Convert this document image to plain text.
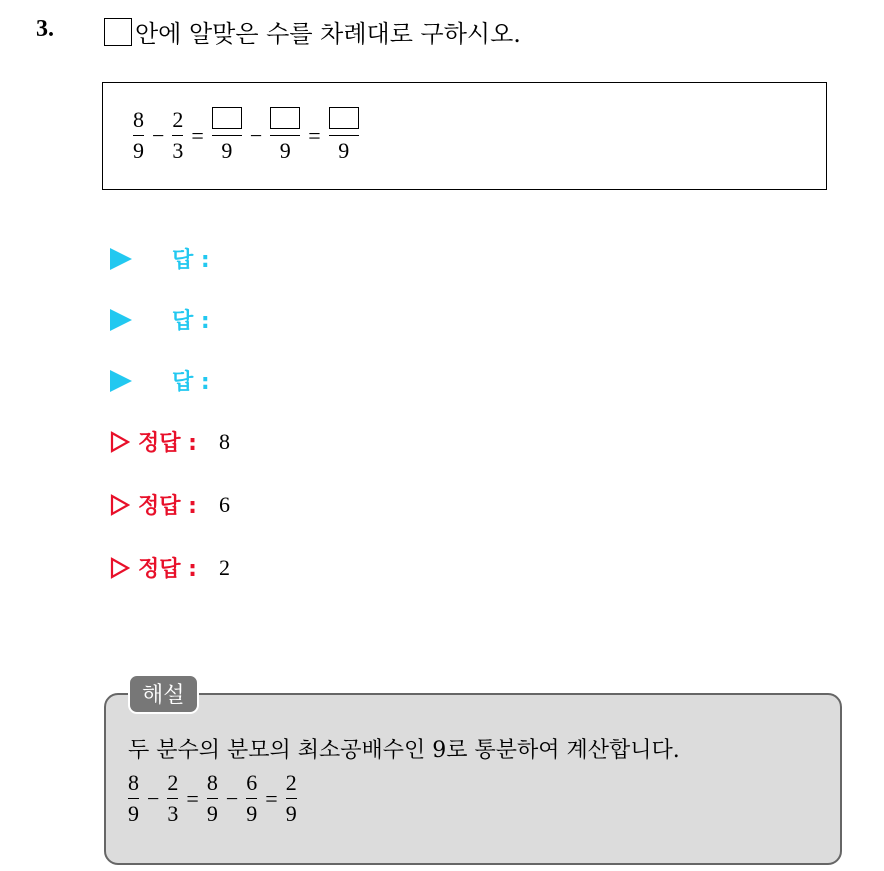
3.	안에 알맞은 수를 차례대로 구하시오.
$\frac{8}{9} - \frac{2}{3}$ =
9
−
9
=
9
답 :
답 :
답 :
정답 : 8
정답 : 6
정답 : 2
해설
두 분수의 분모의 최소공배수인 9로 통분하여 계산합니다.
$\frac{8}{9} - \frac{2}{3} = \frac{8}{9} - \frac{6}{9} = \frac{2}{9}$
